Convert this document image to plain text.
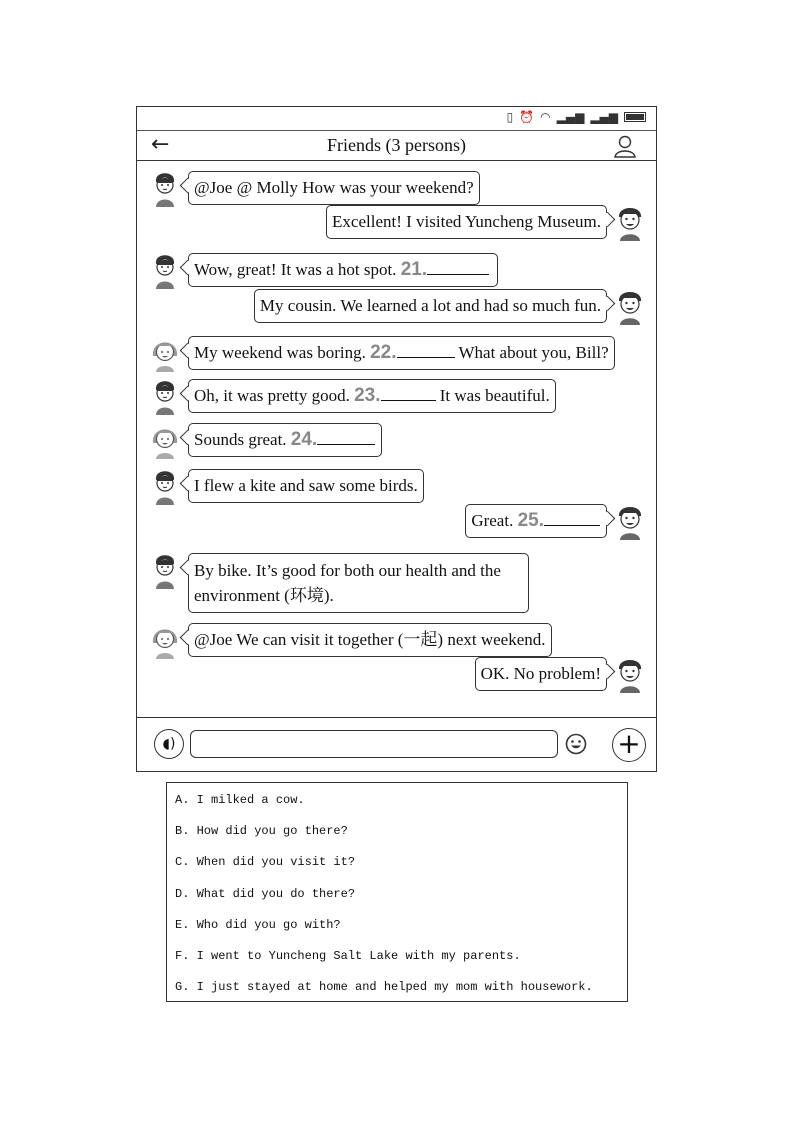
▯ ⏰ ◠ ▂▄▆ ▂▄▆
←	Friends (3 persons)
@Joe @ Molly How was your weekend?
Excellent! I visited Yuncheng Museum.
Wow, great! It was a hot spot. 21.
My cousin. We learned a lot and had so much fun.
My weekend was boring. 22.	What about you, Bill?
Oh, it was pretty good. 23.	It was beautiful.
Sounds great. 24.
I flew a kite and saw some birds.
Great. 25.
By bike. It’s good for both our health and the environment (环境).
@Joe We can visit it together (一起) next weekend.
OK. No problem!
◖)	+
A. I milked a cow.
B. How did you go there?
C. When did you visit it?
D. What did you do there?
E. Who did you go with?
F. I went to Yuncheng Salt Lake with my parents.
G. I just stayed at home and helped my mom with housework.
